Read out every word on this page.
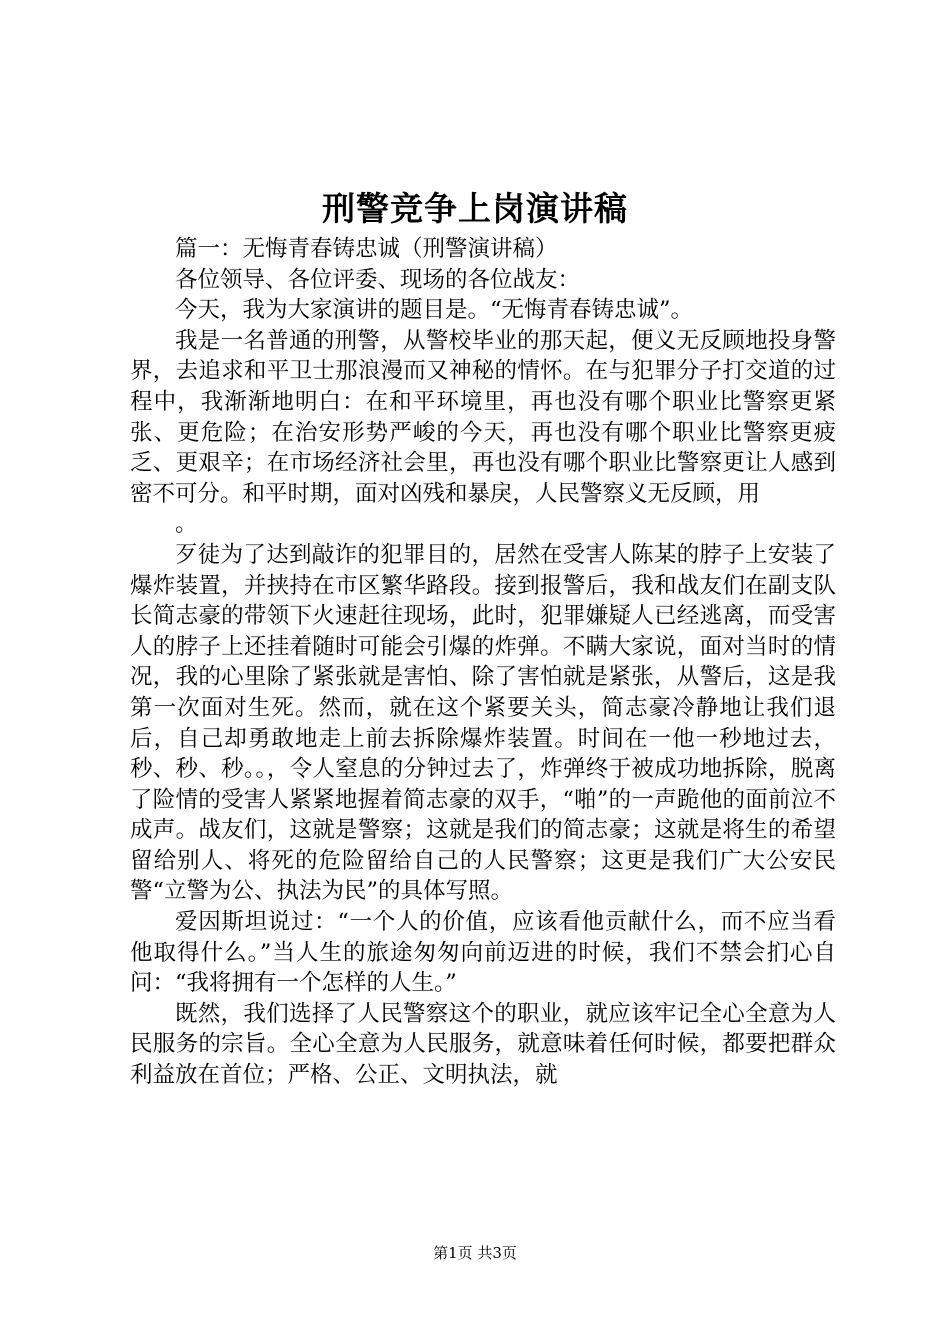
刑警竞争上岗演讲稿

篇一：无悔青春铸忠诚（刑警演讲稿）

各位领导、各位评委、现场的各位战友：

今天，我为大家演讲的题目是。“无悔青春铸忠诚”。

我是一名普通的刑警，从警校毕业的那天起，便义无反顾地投身警界，去追求和平卫士那浪漫而又神秘的情怀。在与犯罪分子打交道的过程中，我渐渐地明白：在和平环境里，再也没有哪个职业比警察更紧张、更危险；在治安形势严峻的今天，再也没有哪个职业比警察更疲乏、更艰辛；在市场经济社会里，再也没有哪个职业比警察更让人感到密不可分。和平时期，面对凶残和暴戾，人民警察义无反顾，用

。

歹徒为了达到敲诈的犯罪目的，居然在受害人陈某的脖子上安装了爆炸装置，并挟持在市区繁华路段。接到报警后，我和战友们在副支队长简志豪的带领下火速赶往现场，此时，犯罪嫌疑人已经逃离，而受害人的脖子上还挂着随时可能会引爆的炸弹。不瞒大家说，面对当时的情况，我的心里除了紧张就是害怕、除了害怕就是紧张，从警后，这是我第一次面对生死。然而，就在这个紧要关头，简志豪冷静地让我们退后，自己却勇敢地走上前去拆除爆炸装置。时间在一他一秒地过去，秒、秒、秒。。，令人窒息的分钟过去了，炸弹终于被成功地拆除，脱离了险情的受害人紧紧地握着简志豪的双手，“啪”的一声跪他的面前泣不成声。战友们，这就是警察；这就是我们的简志豪；这就是将生的希望留给别人、将死的危险留给自己的人民警察；这更是我们广大公安民警“立警为公、执法为民”的具体写照。

爱因斯坦说过：“一个人的价值，应该看他贡献什么，而不应当看他取得什么。”当人生的旅途匆匆向前迈进的时候，我们不禁会扪心自问：“我将拥有一个怎样的人生。”

既然，我们选择了人民警察这个的职业，就应该牢记全心全意为人民服务的宗旨。全心全意为人民服务，就意味着任何时候，都要把群众利益放在首位；严格、公正、文明执法，就

第1页 共3页
